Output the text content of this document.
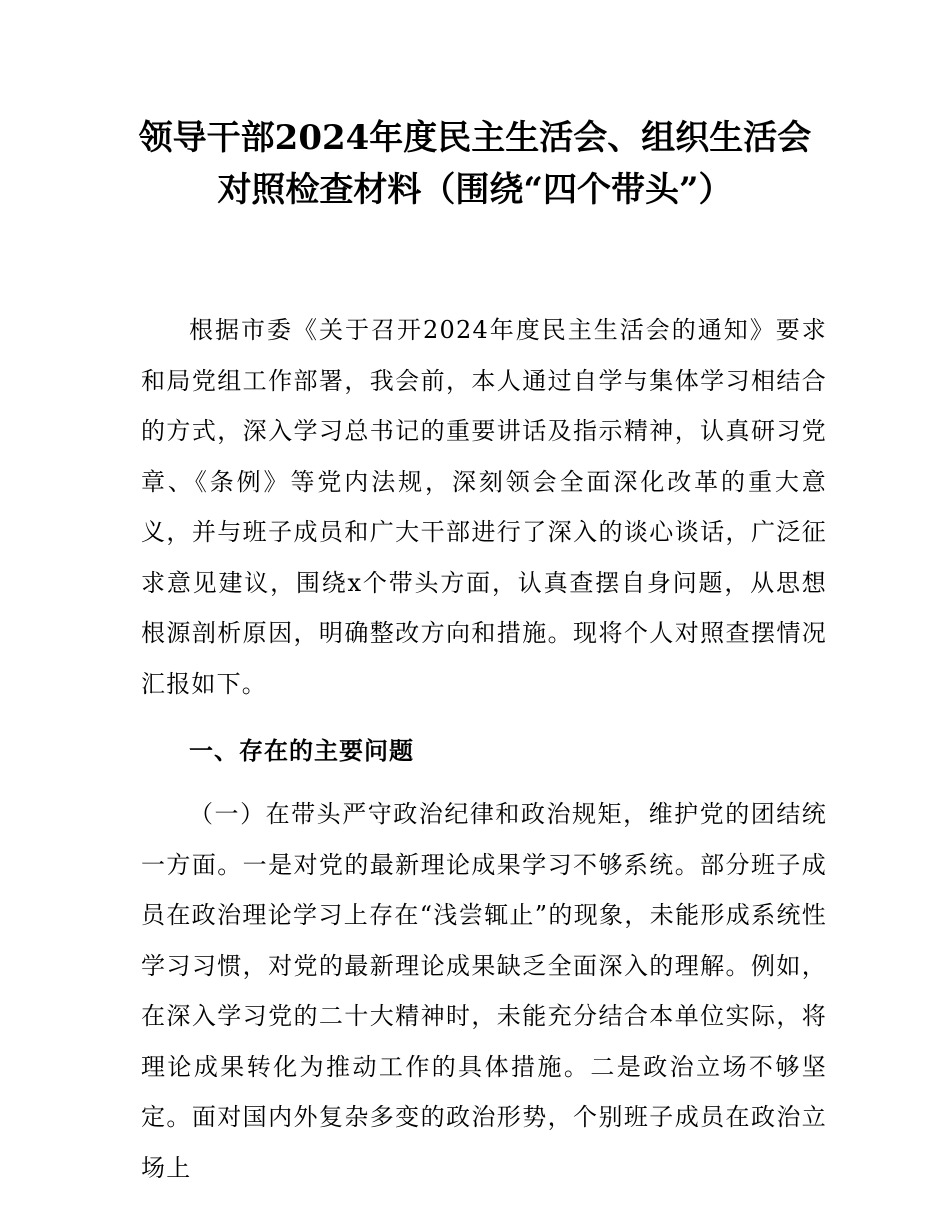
领导干部2024年度民主生活会、组织生活会
对照检查材料（围绕“四个带头”）

根据市委《关于召开2024年度民主生活会的通知》要求和局党组工作部署，我会前，本人通过自学与集体学习相结合的方式，深入学习总书记的重要讲话及指示精神，认真研习党章、《条例》等党内法规，深刻领会全面深化改革的重大意义，并与班子成员和广大干部进行了深入的谈心谈话，广泛征求意见建议，围绕x个带头方面，认真查摆自身问题，从思想根源剖析原因，明确整改方向和措施。现将个人对照查摆情况汇报如下。

一、存在的主要问题

（一）在带头严守政治纪律和政治规矩，维护党的团结统一方面。一是对党的最新理论成果学习不够系统。部分班子成员在政治理论学习上存在“浅尝辄止”的现象，未能形成系统性学习习惯，对党的最新理论成果缺乏全面深入的理解。例如，在深入学习党的二十大精神时，未能充分结合本单位实际，将理论成果转化为推动工作的具体措施。二是政治立场不够坚定。面对国内外复杂多变的政治形势，个别班子成员在政治立场上
